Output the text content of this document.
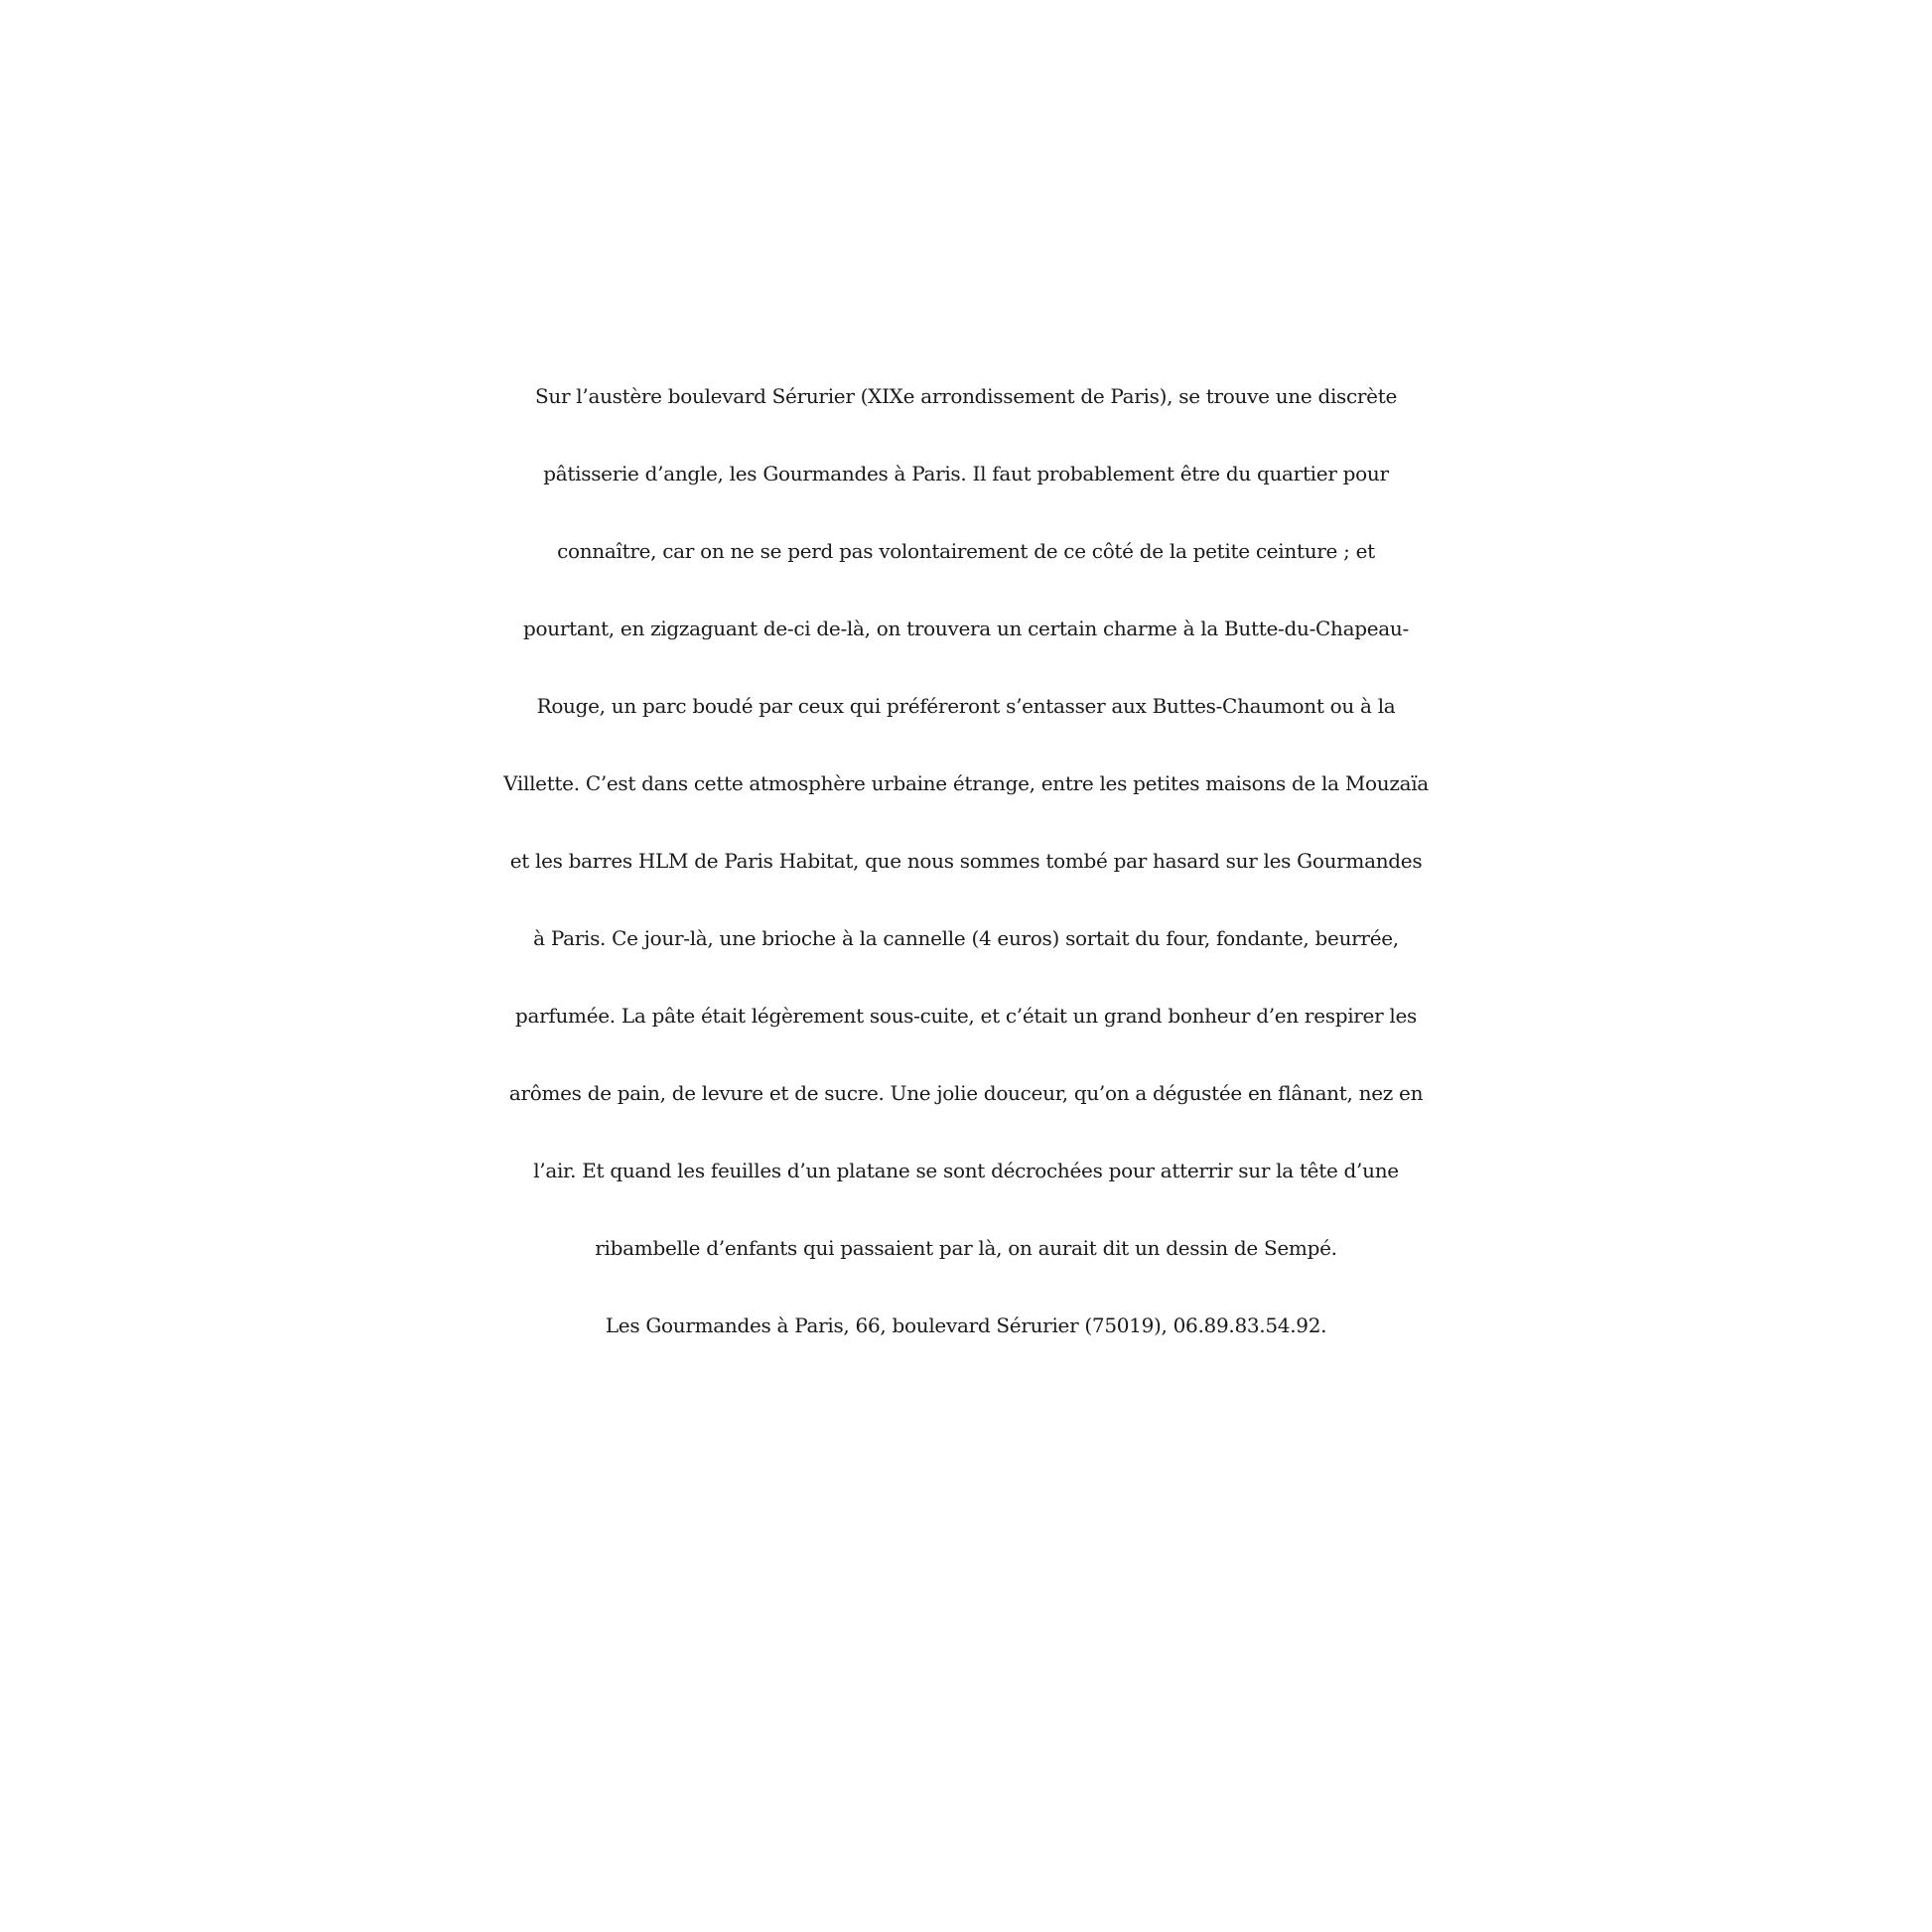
Sur l’austère boulevard Sérurier (XIXe arrondissement de Paris), se trouve une discrète
pâtisserie d’angle, les Gourmandes à Paris. Il faut probablement être du quartier pour
connaître, car on ne se perd pas volontairement de ce côté de la petite ceinture ; et
pourtant, en zigzaguant de-ci de-là, on trouvera un certain charme à la Butte-du-Chapeau-
Rouge, un parc boudé par ceux qui préféreront s’entasser aux Buttes-Chaumont ou à la
Villette. C’est dans cette atmosphère urbaine étrange, entre les petites maisons de la Mouzaïa
et les barres HLM de Paris Habitat, que nous sommes tombé par hasard sur les Gourmandes
à Paris. Ce jour-là, une brioche à la cannelle (4 euros) sortait du four, fondante, beurrée,
parfumée. La pâte était légèrement sous-cuite, et c’était un grand bonheur d’en respirer les
arômes de pain, de levure et de sucre. Une jolie douceur, qu’on a dégustée en flânant, nez en
l’air. Et quand les feuilles d’un platane se sont décrochées pour atterrir sur la tête d’une
ribambelle d’enfants qui passaient par là, on aurait dit un dessin de Sempé.
Les Gourmandes à Paris, 66, boulevard Sérurier (75019), 06.89.83.54.92.
